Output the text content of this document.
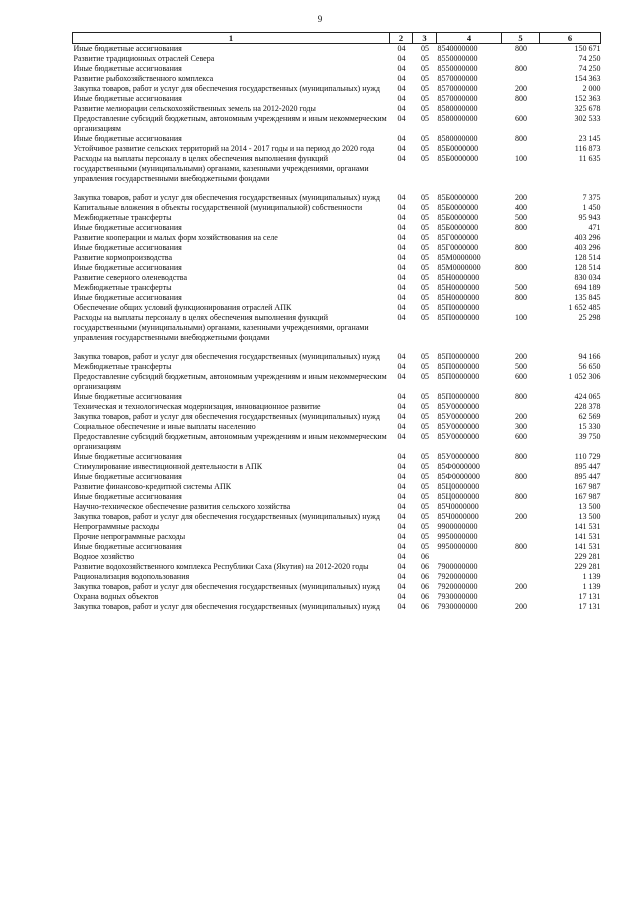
9
1	2	3	4	5	6
Иные бюджетные ассигнования	04	05	8540000000	800	150 671
Развитие традиционных отраслей Севера	04	05	8550000000		74 250
Иные бюджетные ассигнования	04	05	8550000000	800	74 250
Развитие рыбохозяйственного комплекса	04	05	8570000000		154 363
Закупка товаров, работ и услуг для обеспечения государственных (муниципальных) нужд	04	05	8570000000	200	2 000
Иные бюджетные ассигнования	04	05	8570000000	800	152 363
Развитие мелиорации сельскохозяйственных земель на 2012-2020 годы	04	05	8580000000		325 678
Предоставление субсидий бюджетным, автономным учреждениям и иным некоммерческим организациям	04	05	8580000000	600	302 533
Иные бюджетные ассигнования	04	05	8580000000	800	23 145
Устойчивое развитие сельских территорий на 2014 - 2017 годы и на период до 2020 года	04	05	85Б0000000		116 873
Расходы на выплаты персоналу в целях обеспечения выполнения функций государственными (муниципальными) органами, казенными учреждениями, органами управления государственными внебюджетными фондами	04	05	85Б0000000	100	11 635

Закупка товаров, работ и услуг для обеспечения государственных (муниципальных) нужд	04	05	85Б0000000	200	7 375
Капитальные вложения в объекты государственной (муниципальной) собственности	04	05	85Б0000000	400	1 450
Межбюджетные трансферты	04	05	85Б0000000	500	95 943
Иные бюджетные ассигнования	04	05	85Б0000000	800	471
Развитие кооперации и малых форм хозяйствования на селе	04	05	85Г0000000		403 296
Иные бюджетные ассигнования	04	05	85Г0000000	800	403 296
Развитие кормопроизводства	04	05	85М0000000		128 514
Иные бюджетные ассигнования	04	05	85М0000000	800	128 514
Развитие северного оленеводства	04	05	85Н0000000		830 034
Межбюджетные трансферты	04	05	85Н0000000	500	694 189
Иные бюджетные ассигнования	04	05	85Н0000000	800	135 845
Обеспечение общих условий функционирования отраслей АПК	04	05	85П0000000		1 652 485
Расходы на выплаты персоналу в целях обеспечения выполнения функций государственными (муниципальными) органами, казенными учреждениями, органами управления государственными внебюджетными фондами	04	05	85П0000000	100	25 298

Закупка товаров, работ и услуг для обеспечения государственных (муниципальных) нужд	04	05	85П0000000	200	94 166
Межбюджетные трансферты	04	05	85П0000000	500	56 650
Предоставление субсидий бюджетным, автономным учреждениям и иным некоммерческим организациям	04	05	85П0000000	600	1 052 306
Иные бюджетные ассигнования	04	05	85П0000000	800	424 065
Техническая и технологическая модернизация, инновационное развитие	04	05	85У0000000		228 378
Закупка товаров, работ и услуг для обеспечения государственных (муниципальных) нужд	04	05	85У0000000	200	62 569
Социальное обеспечение и иные выплаты населению	04	05	85У0000000	300	15 330
Предоставление субсидий бюджетным, автономным учреждениям и иным некоммерческим организациям	04	05	85У0000000	600	39 750
Иные бюджетные ассигнования	04	05	85У0000000	800	110 729
Стимулирование инвестиционной деятельности в АПК	04	05	85Ф0000000		895 447
Иные бюджетные ассигнования	04	05	85Ф0000000	800	895 447
Развитие финансово-кредитной системы АПК	04	05	85Ц0000000		167 987
Иные бюджетные ассигнования	04	05	85Ц0000000	800	167 987
Научно-техническое обеспечение развития сельского хозяйства	04	05	85Ч0000000		13 500
Закупка товаров, работ и услуг для обеспечения государственных (муниципальных) нужд	04	05	85Ч0000000	200	13 500
Непрограммные расходы	04	05	9900000000		141 531
Прочие непрограммные расходы	04	05	9950000000		141 531
Иные бюджетные ассигнования	04	05	9950000000	800	141 531
Водное хозяйство	04	06			229 281
Развитие водохозяйственного комплекса Республики Саха (Якутия) на 2012-2020 годы	04	06	7900000000		229 281
Рационализация водопользования	04	06	7920000000		1 139
Закупка товаров, работ и услуг для обеспечения государственных (муниципальных) нужд	04	06	7920000000	200	1 139
Охрана водных объектов	04	06	7930000000		17 131
Закупка товаров, работ и услуг для обеспечения государственных (муниципальных) нужд	04	06	7930000000	200	17 131
